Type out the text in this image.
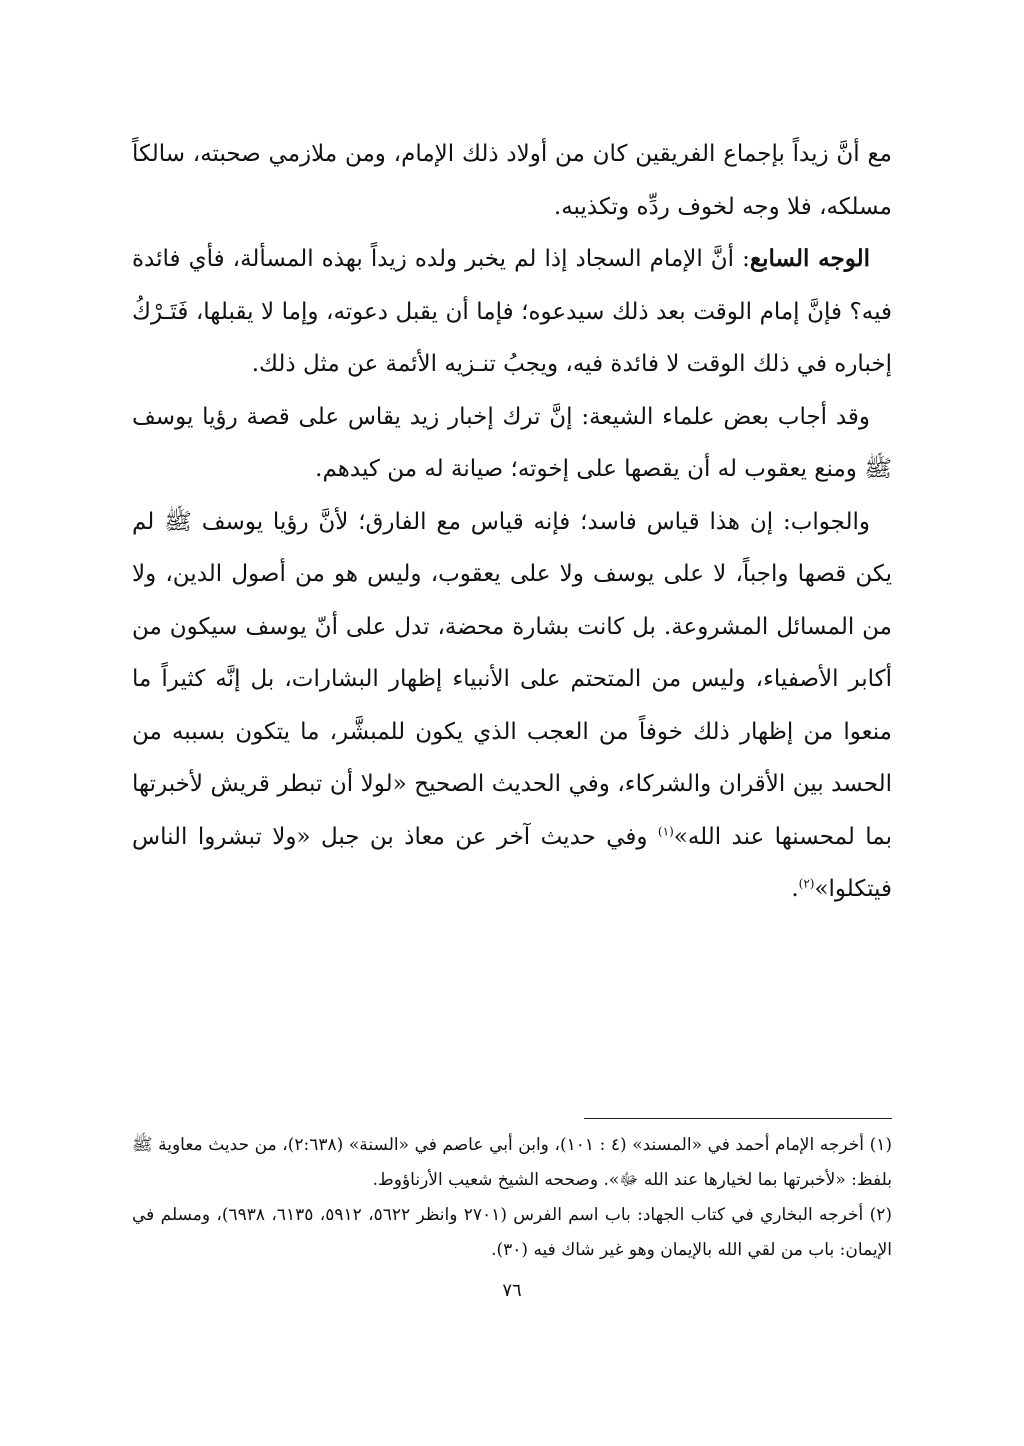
مع أنَّ زيداً بإجماع الفريقين كان من أولاد ذلك الإمام، ومن ملازمي صحبته، سالكاً مسلكه، فلا وجه لخوف ردِّه وتكذيبه.

الوجه السابع: أنَّ الإمام السجاد إذا لم يخبر ولده زيداً بهذه المسألة، فأي فائدة فيه؟ فإنَّ إمام الوقت بعد ذلك سيدعوه؛ فإما أن يقبل دعوته، وإما لا يقبلها، فَتَـرْكُ إخباره في ذلك الوقت لا فائدة فيه، ويجبُ تنـزيه الأئمة عن مثل ذلك.

وقد أجاب بعض علماء الشيعة: إنَّ ترك إخبار زيد يقاس على قصة رؤيا يوسف ﷺ ومنع يعقوب له أن يقصها على إخوته؛ صيانة له من كيدهم.

والجواب: إن هذا قياس فاسد؛ فإنه قياس مع الفارق؛ لأنَّ رؤيا يوسف ﷺ لم يكن قصها واجباً، لا على يوسف ولا على يعقوب، وليس هو من أصول الدين، ولا من المسائل المشروعة. بل كانت بشارة محضة، تدل على أنّ يوسف سيكون من أكابر الأصفياء، وليس من المتحتم على الأنبياء إظهار البشارات، بل إنَّه كثيراً ما منعوا من إظهار ذلك خوفاً من العجب الذي يكون للمبشَّر، ما يتكون بسببه من الحسد بين الأقران والشركاء، وفي الحديث الصحيح «لولا أن تبطر قريش لأخبرتها بما لمحسنها عند الله»$^{(١)}$ وفي حديث آخر عن معاذ بن جبل «ولا تبشروا الناس فيتكلوا»$^{(٢)}$.

(١) أخرجه الإمام أحمد في «المسند» (٤ : ١٠١)، وابن أبي عاصم في «السنة» (٢:٦٣٨)، من حديث معاوية ﷺ بلفظ: «لأخبرتها بما لخيارها عند الله ﷻ». وصححه الشيخ شعيب الأرناؤوط.

(٢) أخرجه البخاري في كتاب الجهاد: باب اسم الفرس (٢٧٠١ وانظر ٥٦٢٢، ٥٩١٢، ٦١٣٥، ٦٩٣٨)، ومسلم في الإيمان: باب من لقي الله بالإيمان وهو غير شاك فيه (٣٠).

٧٦
